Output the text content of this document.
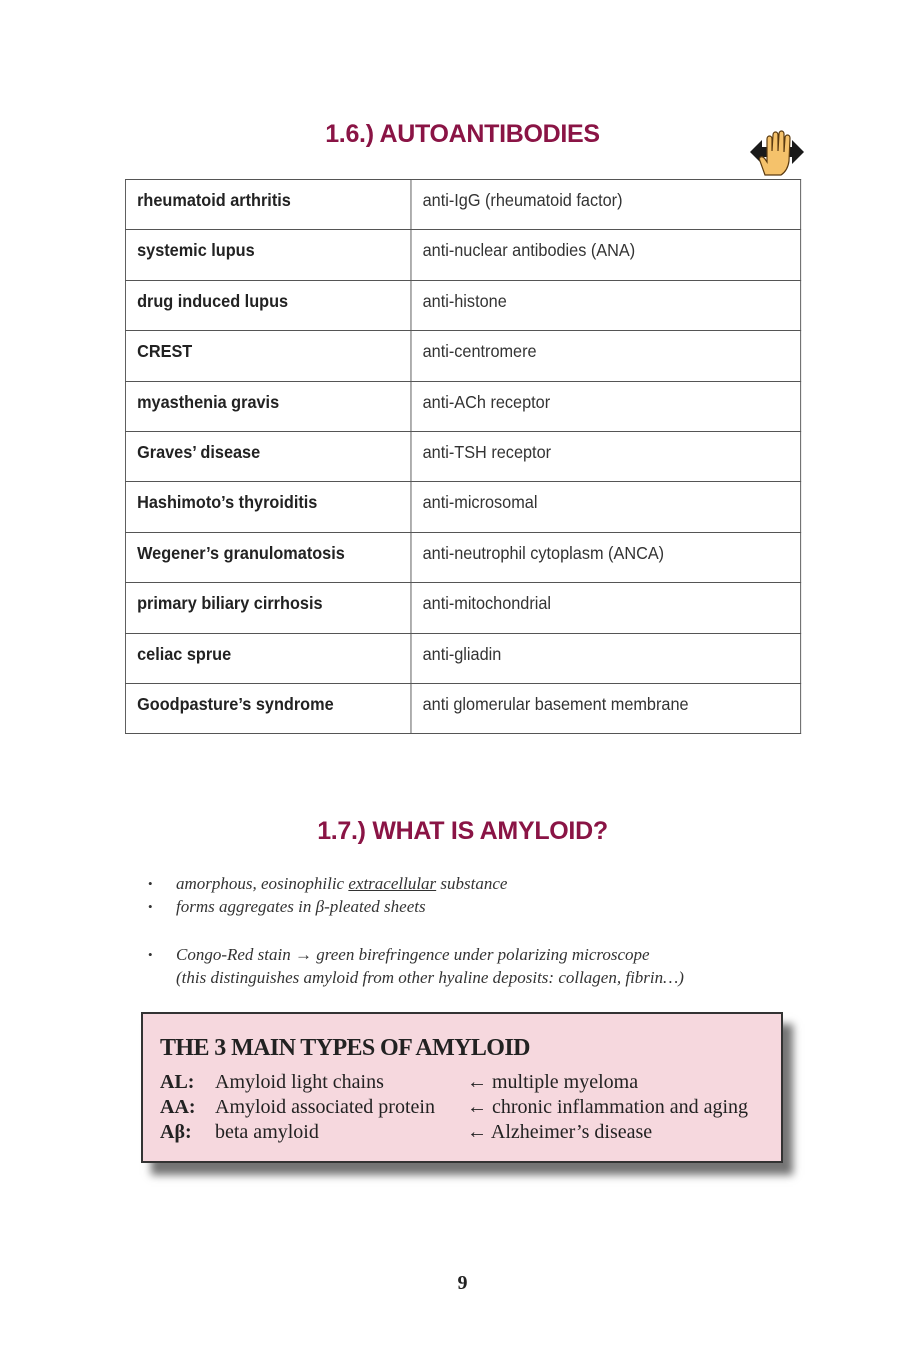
1.6.) AUTOANTIBODIES
rheumatoid arthritis	anti-IgG (rheumatoid factor)
systemic lupus	anti-nuclear antibodies (ANA)
drug induced lupus	anti-histone
CREST	anti-centromere
myasthenia gravis	anti-ACh receptor
Graves’ disease	anti-TSH receptor
Hashimoto’s thyroiditis	anti-microsomal
Wegener’s granulomatosis	anti-neutrophil cytoplasm (ANCA)
primary biliary cirrhosis	anti-mitochondrial
celiac sprue	anti-gliadin
Goodpasture’s syndrome	anti glomerular basement membrane
1.7.) WHAT IS AMYLOID?
• amorphous, eosinophilic extracellular substance
• forms aggregates in β-pleated sheets
• Congo-Red stain → green birefringence under polarizing microscope
(this distinguishes amyloid from other hyaline deposits: collagen, fibrin…)
THE 3 MAIN TYPES OF AMYLOID
AL: Amyloid light chains	← multiple myeloma
AA: Amyloid associated protein ← chronic inflammation and aging
Aβ: beta amyloid	← Alzheimer’s disease
9
